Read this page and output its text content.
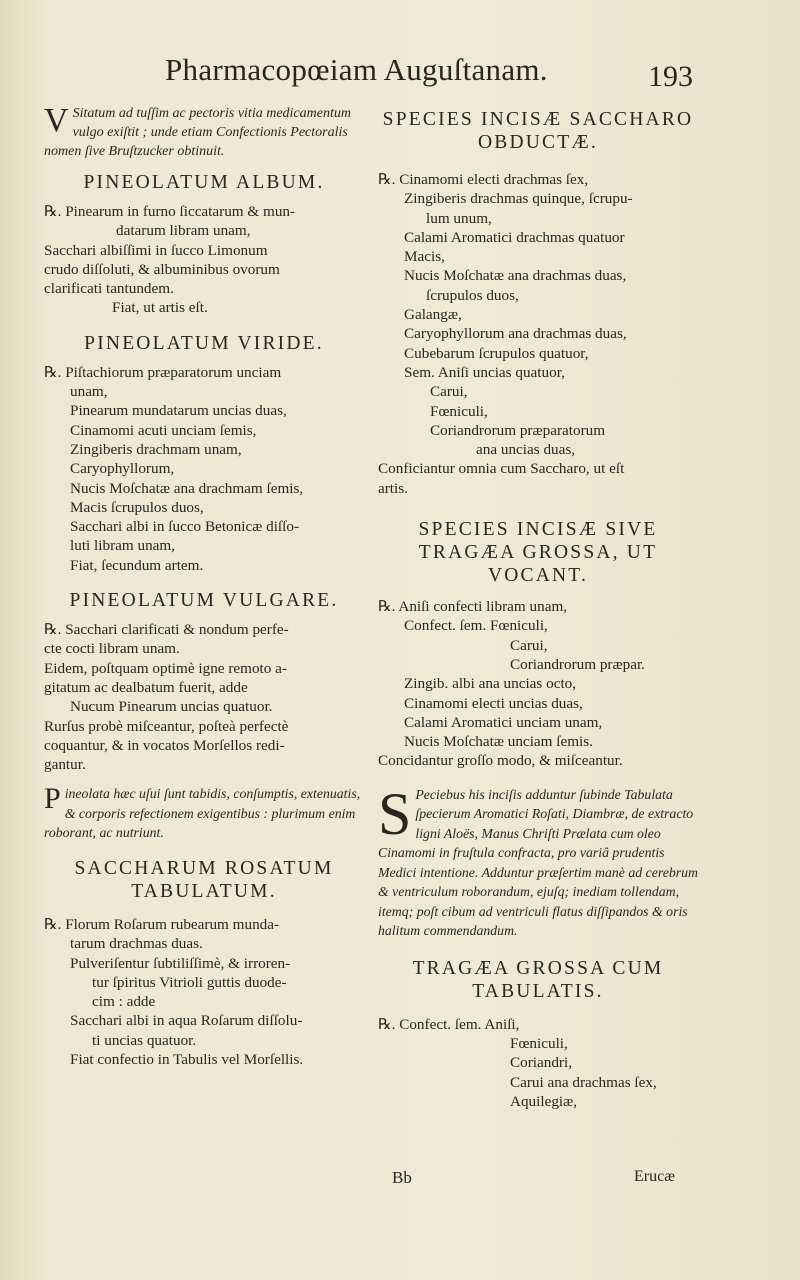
Pharmacopœiam Auguſtanam.	193

V Sitatum ad tuſſim ac pectoris vitia medicamentum vulgo exiſtit ; unde etiam Confectionis Pectoralis nomen ſive Bruſtzucker obtinuit.

PINEOLATUM ALBUM.

℞. Pinearum in furno ſiccatarum & mun-

datarum libram unam,

Sacchari albiſſimi in ſucco Limonum

crudo diſſoluti, & albuminibus ovorum

clarificati tantundem.

Fiat, ut artis eſt.

PINEOLATUM VIRIDE.

℞. Piſtachiorum præparatorum unciam

unam,

Pinearum mundatarum uncias duas,

Cinamomi acuti unciam ſemis,

Zingiberis drachmam unam,

Caryophyllorum,

Nucis Moſchatæ ana drachmam ſemis,

Macis ſcrupulos duos,

Sacchari albi in ſucco Betonicæ diſſo-

luti libram unam,

Fiat, ſecundum artem.

PINEOLATUM VULGARE.

℞. Sacchari clarificati & nondum perfe-

cte cocti libram unam.

Eidem, poſtquam optimè igne remoto a-

gitatum ac dealbatum fuerit, adde

Nucum Pinearum uncias quatuor.

Rurſus probè miſceantur, poſteà perfectè

coquantur, & in vocatos Morſellos redi-

gantur.

Pineolata hæc uſui ſunt tabidis, conſumptis, extenuatis, & corporis refectionem exigentibus : plurimum enim roborant, ac nutriunt.

SACCHARUM ROSATUM TABULATUM.

℞. Florum Roſarum rubearum munda-

tarum drachmas duas.

Pulveriſentur ſubtiliſſimè, & irroren-

tur ſpiritus Vitrioli guttis duode-

cim : adde

Sacchari albi in aqua Roſarum diſſolu-

ti uncias quatuor.

Fiat confectio in Tabulis vel Morſellis.

SPECIES INCISÆ SACCHARO OBDUCTÆ.

℞. Cinamomi electi drachmas ſex,

Zingiberis drachmas quinque, ſcrupu-

lum unum,

Calami Aromatici drachmas quatuor

Macis,

Nucis Moſchatæ ana drachmas duas,

ſcrupulos duos,

Galangæ,

Caryophyllorum ana drachmas duas,

Cubebarum ſcrupulos quatuor,

Sem. Aniſi uncias quatuor,

Carui,

Fœniculi,

Coriandrorum præparatorum

ana uncias duas,

Conficiantur omnia cum Saccharo, ut eſt

artis.

SPECIES INCISÆ SIVE TRAGÆA GROSSA, UT VOCANT.

℞. Aniſi confecti libram unam,

Confect. ſem. Fœniculi,

Carui,

Coriandrorum præpar.

Zingib. albi ana uncias octo,

Cinamomi electi uncias duas,

Calami Aromatici unciam unam,

Nucis Moſchatæ unciam ſemis.

Concidantur groſſo modo, & miſceantur.

S Peciebus his inciſis adduntur ſubinde Tabulata ſpecierum Aromatici Roſati, Diambræ, de extracto ligni Aloës, Manus Chriſti Prælata cum oleo Cinamomi in fruſtula confracta, pro variâ prudentis Medici intentione. Adduntur præſertim manè ad cerebrum & ventriculum roborandum, ejuſq; inediam tollendam, itemq; poſt cibum ad ventriculi flatus diſſipandos & oris halitum commendandum.

TRAGÆA GROSSA CUM TABULATIS.

℞. Confect. ſem. Aniſi,

Fœniculi,

Coriandri,

Carui ana drachmas ſex,

Aquilegiæ,

Bb	Erucæ
